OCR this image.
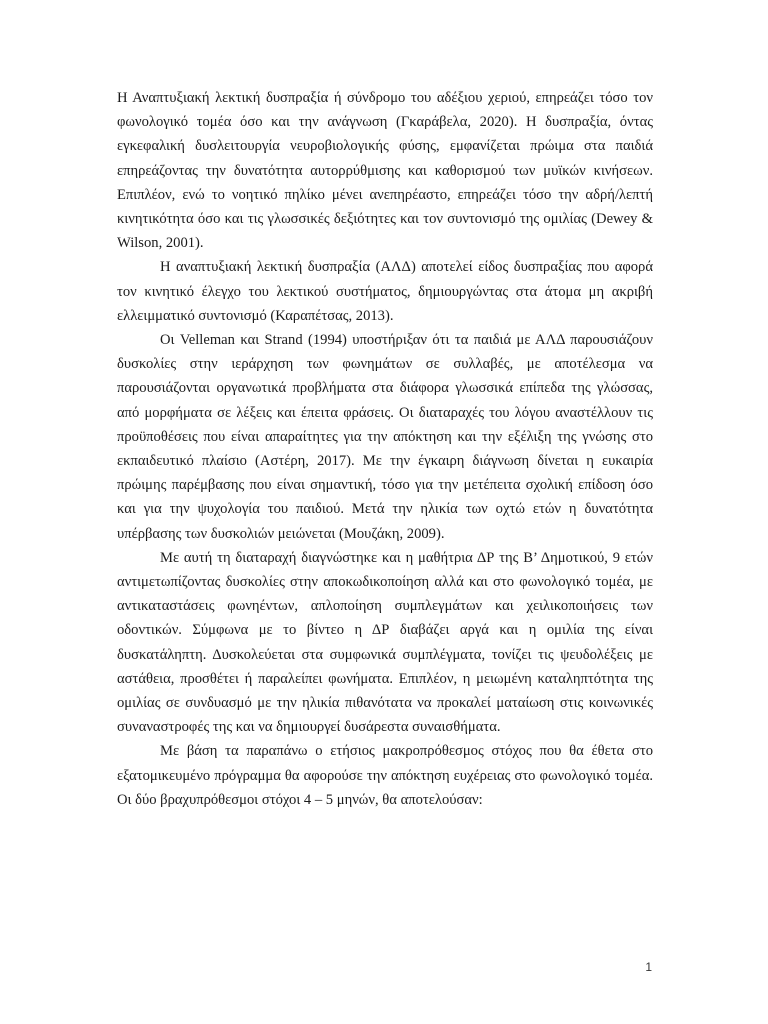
Η Αναπτυξιακή λεκτική δυσπραξία ή σύνδρομο του αδέξιου χεριού, επηρεάζει τόσο τον φωνολογικό τομέα όσο και την ανάγνωση (Γκαράβελα, 2020). Η δυσπραξία, όντας εγκεφαλική δυσλειτουργία νευροβιολογικής φύσης, εμφανίζεται πρώιμα στα παιδιά επηρεάζοντας την δυνατότητα αυτορρύθμισης και καθορισμού των μυϊκών κινήσεων. Επιπλέον, ενώ το νοητικό πηλίκο μένει ανεπηρέαστο, επηρεάζει τόσο την αδρή/λεπτή κινητικότητα όσο και τις γλωσσικές δεξιότητες και τον συντονισμό της ομιλίας (Dewey & Wilson, 2001).

Η αναπτυξιακή λεκτική δυσπραξία (ΑΛΔ) αποτελεί είδος δυσπραξίας που αφορά τον κινητικό έλεγχο του λεκτικού συστήματος, δημιουργώντας στα άτομα μη ακριβή ελλειμματικό συντονισμό (Καραπέτσας, 2013).

Οι Velleman και Strand (1994) υποστήριξαν ότι τα παιδιά με ΑΛΔ παρουσιάζουν δυσκολίες στην ιεράρχηση των φωνημάτων σε συλλαβές, με αποτέλεσμα να παρουσιάζονται οργανωτικά προβλήματα στα διάφορα γλωσσικά επίπεδα της γλώσσας, από μορφήματα σε λέξεις και έπειτα φράσεις. Οι διαταραχές του λόγου αναστέλλουν τις προϋποθέσεις που είναι απαραίτητες για την απόκτηση και την εξέλιξη της γνώσης στο εκπαιδευτικό πλαίσιο (Αστέρη, 2017). Με την έγκαιρη διάγνωση δίνεται η ευκαιρία πρώιμης παρέμβασης που είναι σημαντική, τόσο για την μετέπειτα σχολική επίδοση όσο και για την ψυχολογία του παιδιού. Μετά την ηλικία των οχτώ ετών η δυνατότητα υπέρβασης των δυσκολιών μειώνεται (Μουζάκη, 2009).

Με αυτή τη διαταραχή διαγνώστηκε και η μαθήτρια ΔΡ της Β’ Δημοτικού, 9 ετών αντιμετωπίζοντας δυσκολίες στην αποκωδικοποίηση αλλά και στο φωνολογικό τομέα, με αντικαταστάσεις φωνηέντων, απλοποίηση συμπλεγμάτων και χειλικοποιήσεις των οδοντικών. Σύμφωνα με το βίντεο η ΔΡ διαβάζει αργά και η ομιλία της είναι δυσκατάληπτη. Δυσκολεύεται στα συμφωνικά συμπλέγματα, τονίζει τις ψευδολέξεις με αστάθεια, προσθέτει ή παραλείπει φωνήματα. Επιπλέον, η μειωμένη καταληπτότητα της ομιλίας σε συνδυασμό με την ηλικία πιθανότατα να προκαλεί ματαίωση στις κοινωνικές συναναστροφές της και να δημιουργεί δυσάρεστα συναισθήματα.

Με βάση τα παραπάνω ο ετήσιος μακροπρόθεσμος στόχος που θα έθετα στο εξατομικευμένο πρόγραμμα θα αφορούσε την απόκτηση ευχέρειας στο φωνολογικό τομέα. Οι δύο βραχυπρόθεσμοι στόχοι 4 – 5 μηνών, θα αποτελούσαν:

1
